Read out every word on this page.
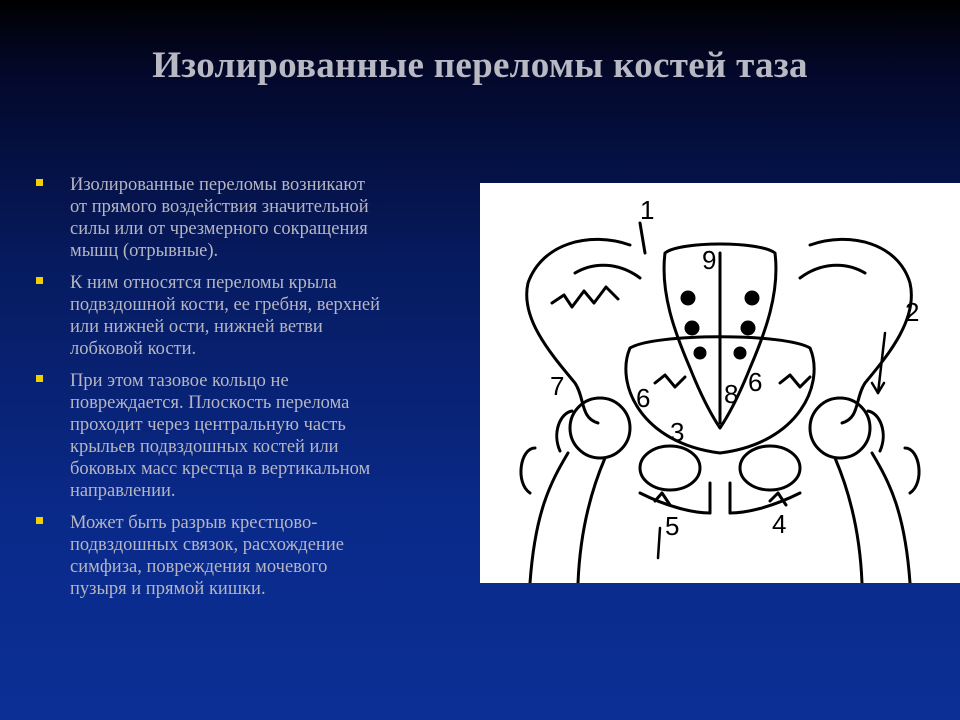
Изолированные переломы костей таза
Изолированные переломы возникают
от прямого воздействия значительной
силы или от чрезмерного сокращения
мышц (отрывные).
К ним относятся переломы крыла
подвздошной кости, ее гребня, верхней
или нижней ости, нижней ветви
лобковой кости.
При этом тазовое кольцо не
повреждается. Плоскость перелома
проходит через центральную часть
крыльев подвздошных костей или
боковых масс крестца в вертикальном
направлении.
Может быть разрыв крестцово-
подвздошных связок, расхождение
симфиза, повреждения мочевого
пузыря и прямой кишки.
1
2
3
4
5
6
6
7	8
9
